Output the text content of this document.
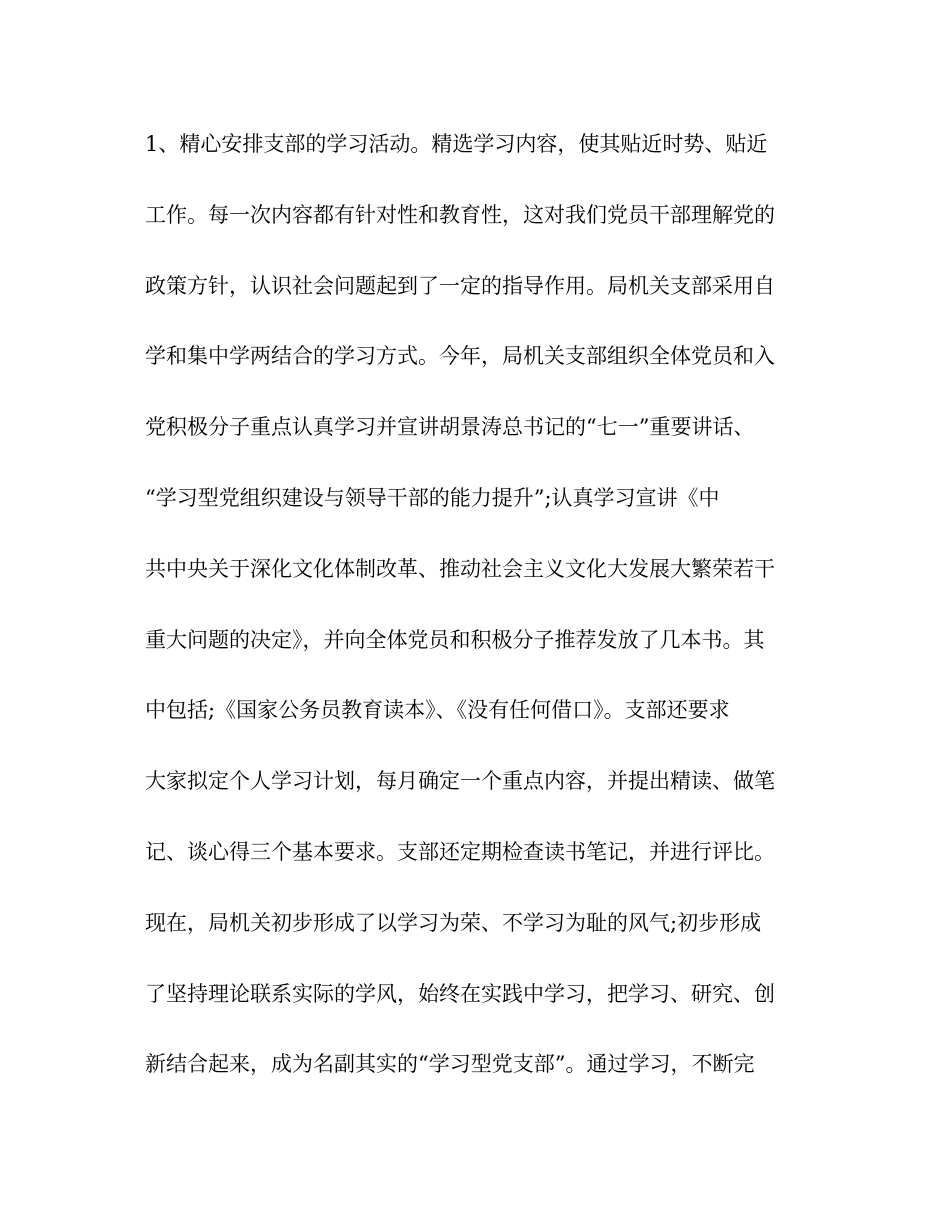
1、精心安排支部的学习活动。精选学习内容，使其贴近时势、贴近
工作。每一次内容都有针对性和教育性，这对我们党员干部理解党的
政策方针，认识社会问题起到了一定的指导作用。局机关支部采用自
学和集中学两结合的学习方式。今年，局机关支部组织全体党员和入
党积极分子重点认真学习并宣讲胡景涛总书记的“七一”重要讲话、
“学习型党组织建设与领导干部的能力提升”;认真学习宣讲《中
共中央关于深化文化体制改革、推动社会主义文化大发展大繁荣若干
重大问题的决定》，并向全体党员和积极分子推荐发放了几本书。其
中包括;《国家公务员教育读本》、《没有任何借口》。支部还要求
大家拟定个人学习计划，每月确定一个重点内容，并提出精读、做笔
记、谈心得三个基本要求。支部还定期检查读书笔记，并进行评比。
现在，局机关初步形成了以学习为荣、不学习为耻的风气;初步形成
了坚持理论联系实际的学风，始终在实践中学习，把学习、研究、创
新结合起来，成为名副其实的“学习型党支部”。通过学习，不断完
